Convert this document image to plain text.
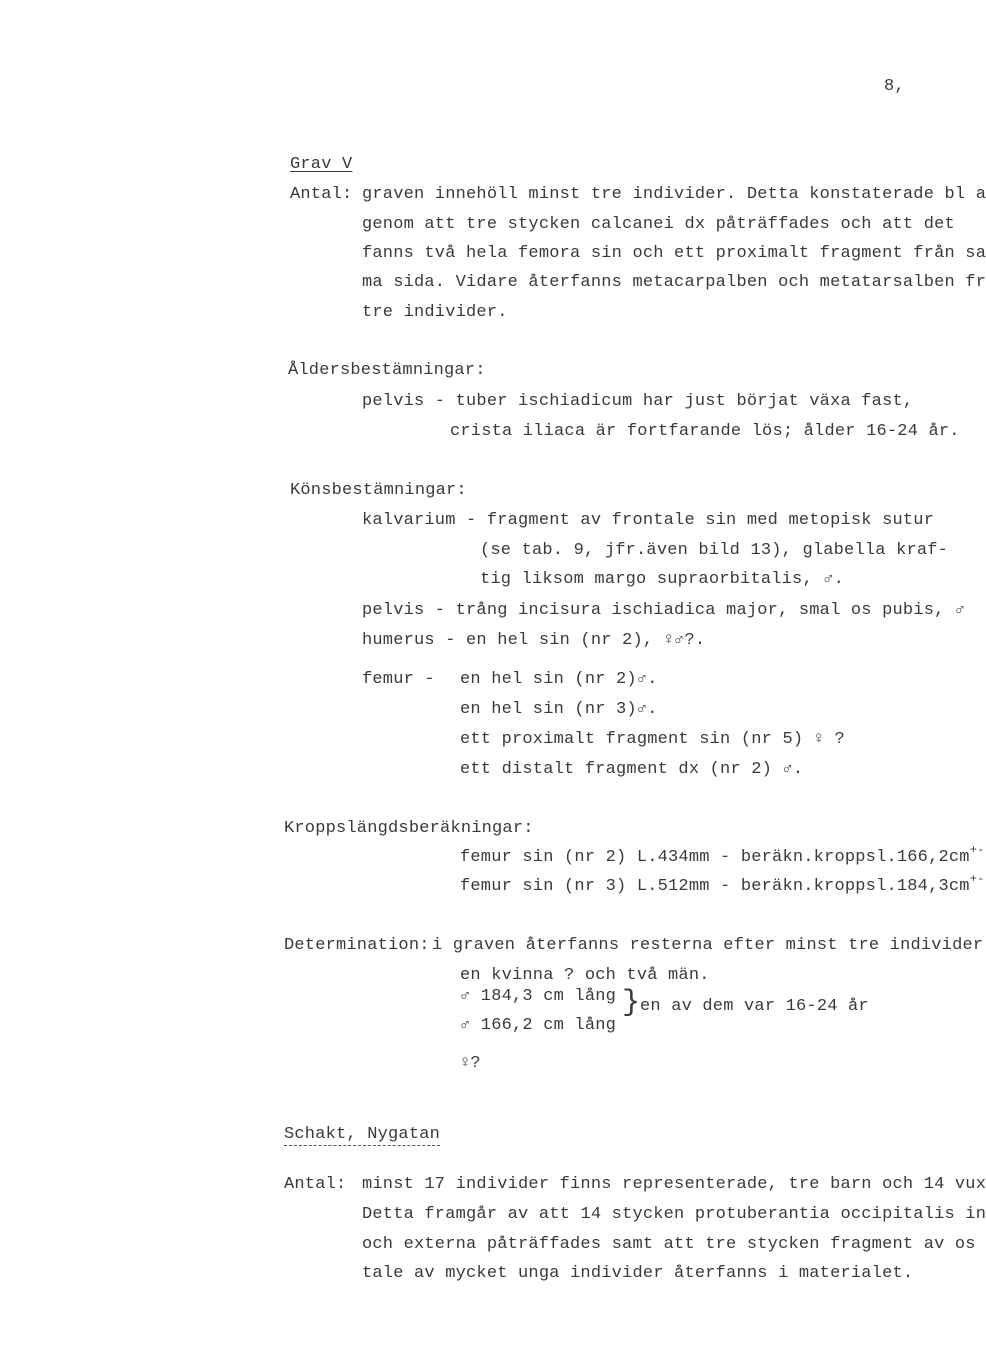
8,
Grav V
Antal: graven innehöll minst tre individer. Detta konstaterade bl a
genom att tre stycken calcanei dx påträffades och att det
fanns två hela femora sin och ett proximalt fragment från sa
ma sida. Vidare återfanns metacarpalben och metatarsalben fr
tre individer.
Åldersbestämningar:
pelvis - tuber ischiadicum har just börjat växa fast,
crista iliaca är fortfarande lös; ålder 16-24 år.
Könsbestämningar:
kalvarium - fragment av frontale sin med metopisk sutur
(se tab. 9, jfr.även bild 13), glabella kraf-
tig liksom margo supraorbitalis, ♂.
pelvis - trång incisura ischiadica major, smal os pubis, ♂
humerus - en hel sin (nr 2), ♀♂?.
femur - en hel sin (nr 2)♂.
en hel sin (nr 3)♂.
ett proximalt fragment sin (nr 5) ♀ ?
ett distalt fragment dx (nr 2) ♂.
Kroppslängdsberäkningar:
femur sin (nr 2) L.434mm - beräkn.kroppsl.166,2cm+-
femur sin (nr 3) L.512mm - beräkn.kroppsl.184,3cm+-
Determination: i graven återfanns resterna efter minst tre individer
en kvinna ? och två män.
♂ 184,3 cm lång
♂ 166,2 cm lång
} en av dem var 16-24 år
♀?
Schakt, Nygatan
Antal: minst 17 individer finns representerade, tre barn och 14 vux
Detta framgår av att 14 stycken protuberantia occipitalis in
och externa påträffades samt att tre stycken fragment av os
tale av mycket unga individer återfanns i materialet.
